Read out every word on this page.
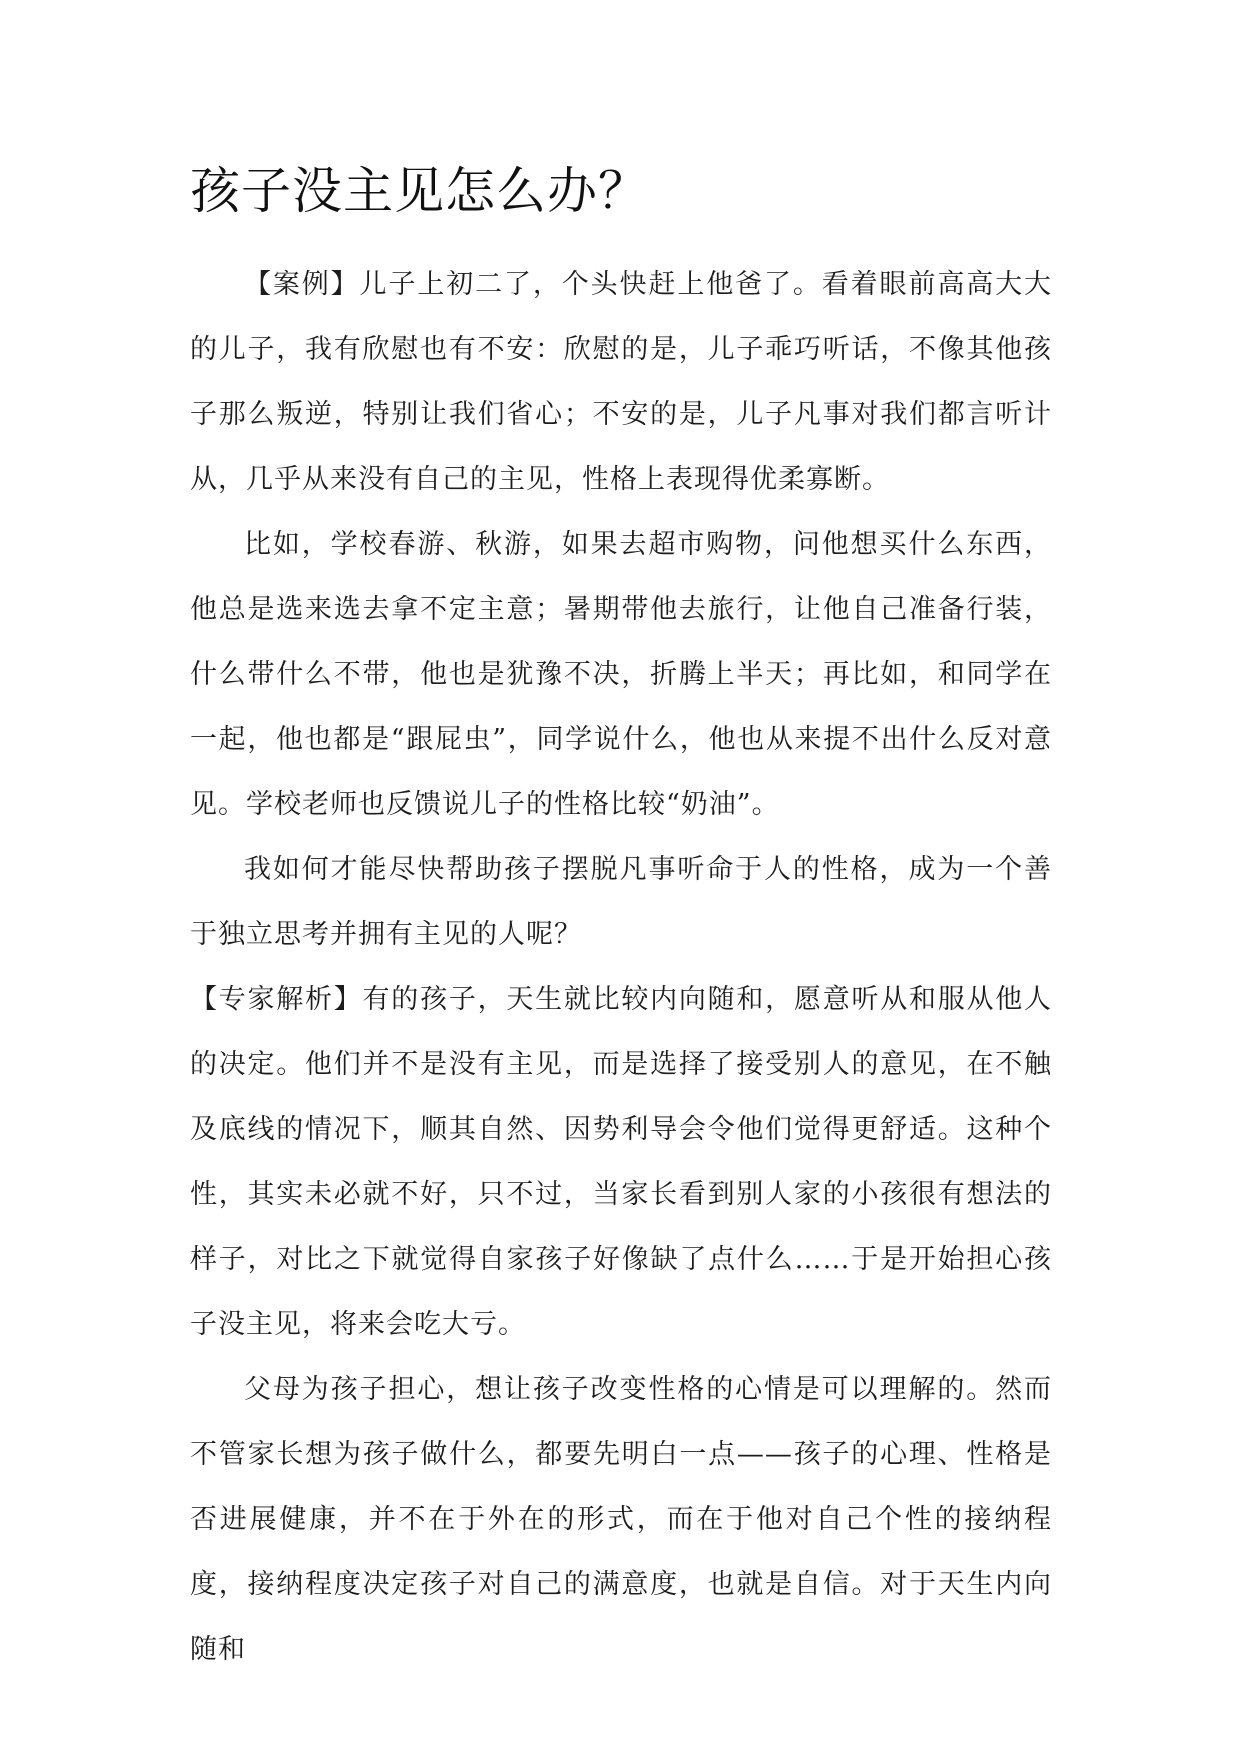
孩子没主见怎么办？

【案例】儿子上初二了，个头快赶上他爸了。看着眼前高高大大的儿子，我有欣慰也有不安：欣慰的是，儿子乖巧听话，不像其他孩子那么叛逆，特别让我们省心；不安的是，儿子凡事对我们都言听计从，几乎从来没有自己的主见，性格上表现得优柔寡断。

比如，学校春游、秋游，如果去超市购物，问他想买什么东西，他总是选来选去拿不定主意；暑期带他去旅行，让他自己准备行装，什么带什么不带，他也是犹豫不决，折腾上半天；再比如，和同学在一起，他也都是“跟屁虫”，同学说什么，他也从来提不出什么反对意见。学校老师也反馈说儿子的性格比较“奶油”。

我如何才能尽快帮助孩子摆脱凡事听命于人的性格，成为一个善于独立思考并拥有主见的人呢？

【专家解析】有的孩子，天生就比较内向随和，愿意听从和服从他人的决定。他们并不是没有主见，而是选择了接受别人的意见，在不触及底线的情况下，顺其自然、因势利导会令他们觉得更舒适。这种个性，其实未必就不好，只不过，当家长看到别人家的小孩很有想法的样子，对比之下就觉得自家孩子好像缺了点什么……于是开始担心孩子没主见，将来会吃大亏。

父母为孩子担心，想让孩子改变性格的心情是可以理解的。然而不管家长想为孩子做什么，都要先明白一点——孩子的心理、性格是否进展健康，并不在于外在的形式，而在于他对自己个性的接纳程度，接纳程度决定孩子对自己的满意度，也就是自信。对于天生内向随和
